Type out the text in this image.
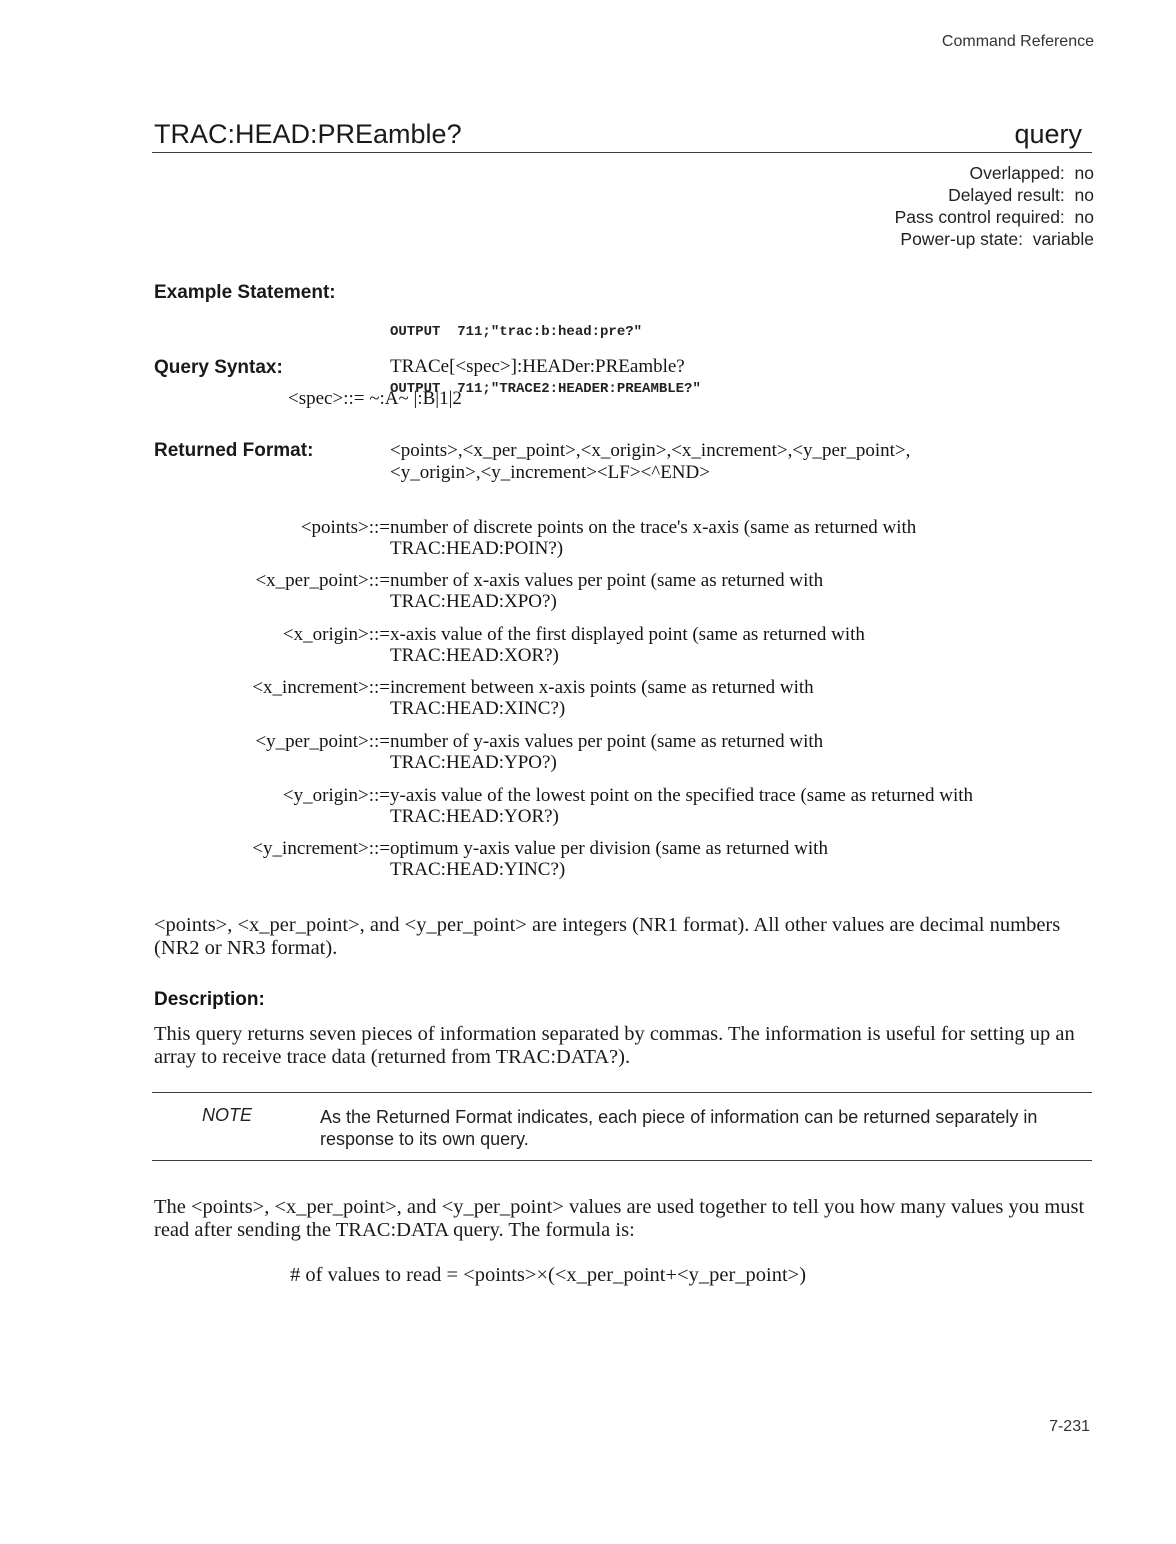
Command Reference
TRAC:HEAD:PREamble?	query
Overlapped: no
Delayed result: no
Pass control required: no
Power-up state: variable
Example Statement:

OUTPUT  711;"trac:b:head:pre?"

OUTPUT  711;"TRACE2:HEADER:PREAMBLE?"

Query Syntax:	TRACe[<spec>]:HEADer:PREamble?
<spec>::= ~:A~ |:B|1|2
Returned Format:	<points>,<x_per_point>,<x_origin>,<x_increment>,<y_per_point>,
<y_origin>,<y_increment><LF><^END>
<points>::= number of discrete points on the trace's x-axis (same as returned with
TRAC:HEAD:POIN?)
<x_per_point>::= number of x-axis values per point (same as returned with
TRAC:HEAD:XPO?)
<x_origin>::= x-axis value of the first displayed point (same as returned with
TRAC:HEAD:XOR?)
<x_increment>::= increment between x-axis points (same as returned with
TRAC:HEAD:XINC?)
<y_per_point>::= number of y-axis values per point (same as returned with
TRAC:HEAD:YPO?)
<y_origin>::= y-axis value of the lowest point on the specified trace (same as returned with
TRAC:HEAD:YOR?)
<y_increment>::= optimum y-axis value per division (same as returned with
TRAC:HEAD:YINC?)
<points>, <x_per_point>, and <y_per_point> are integers (NR1 format). All other values are decimal numbers (NR2 or NR3 format).
Description:
This query returns seven pieces of information separated by commas. The information is useful for setting up an array to receive trace data (returned from TRAC:DATA?).
NOTE	As the Returned Format indicates, each piece of information can be returned separately in response to its own query.
The <points>, <x_per_point>, and <y_per_point> values are used together to tell you how many values you must read after sending the TRAC:DATA query. The formula is:
# of values to read = <points>×(<x_per_point+<y_per_point>)
7-231
